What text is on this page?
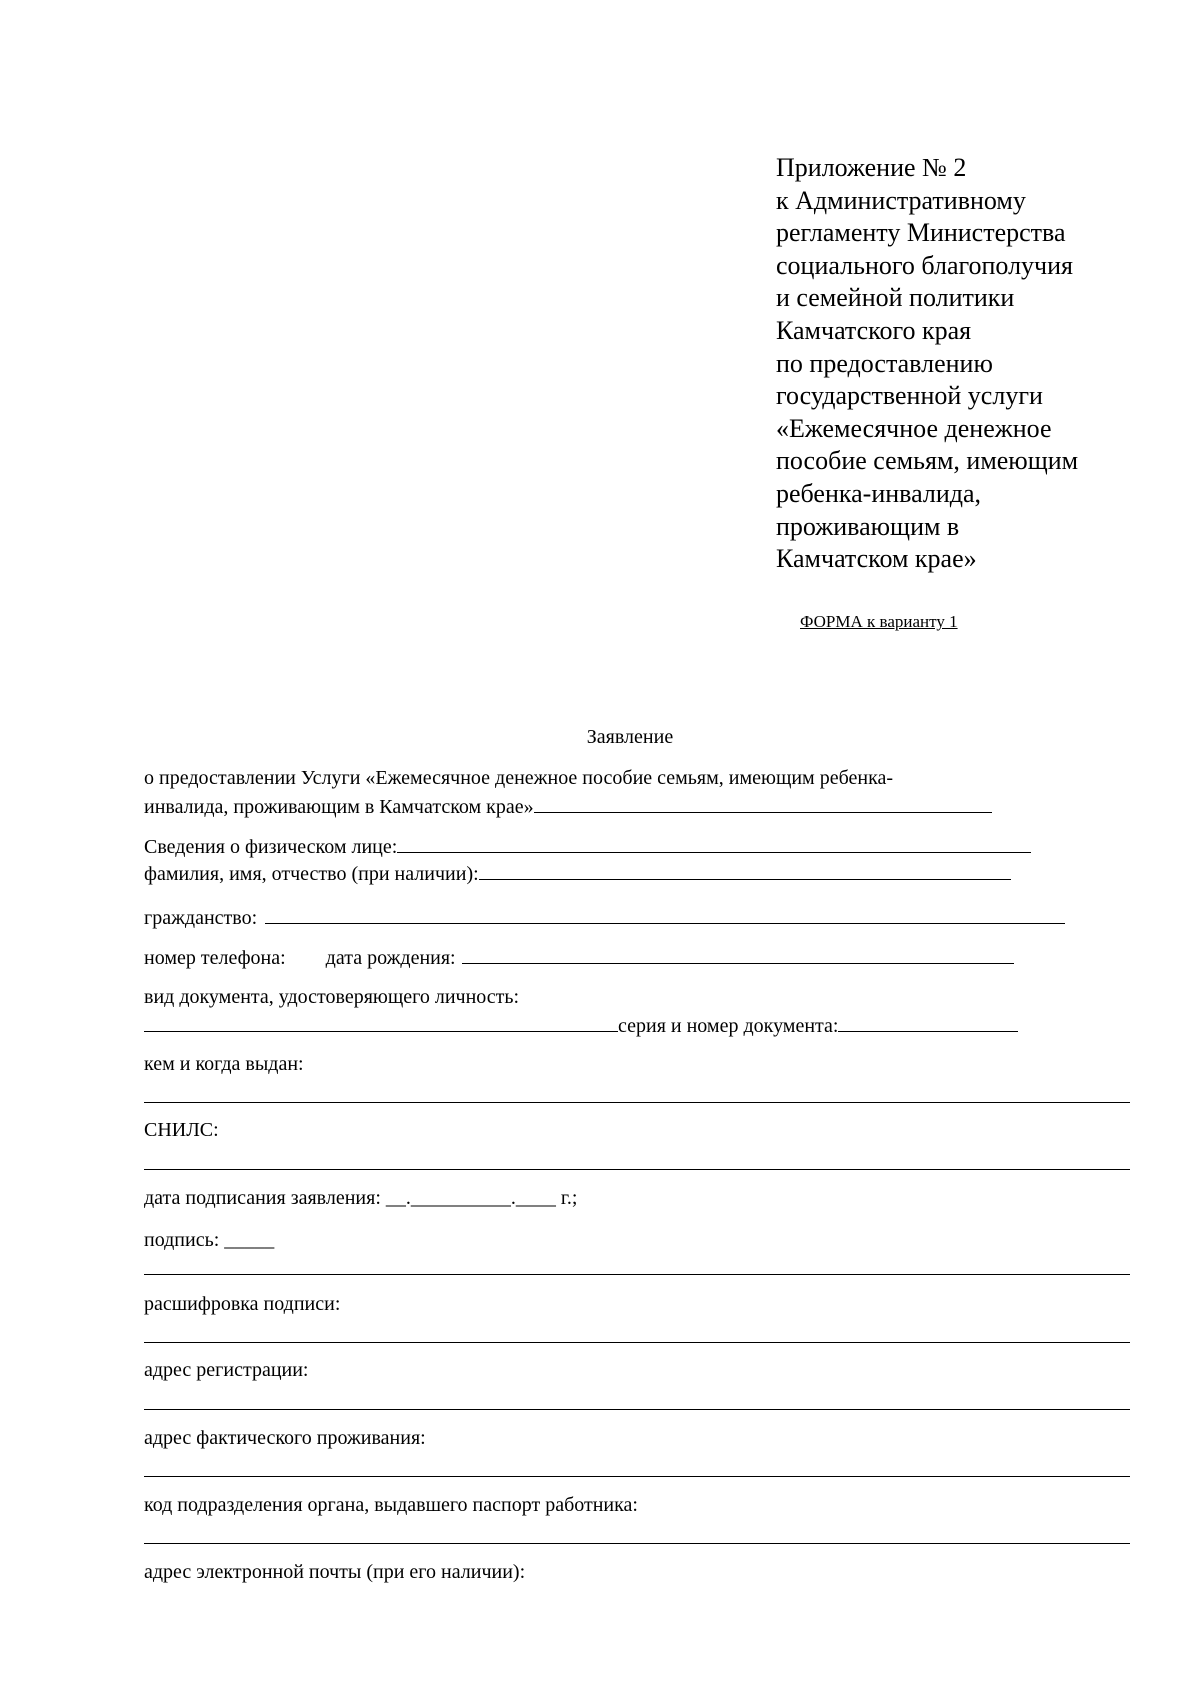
Приложение № 2
к Административному
регламенту Министерства
социального благополучия
и семейной политики
Камчатского края
по предоставлению
государственной услуги
«Ежемесячное денежное
пособие семьям, имеющим
ребенка-инвалида,
проживающим в
Камчатском крае»
ФОРМА к варианту 1
Заявление
о предоставлении Услуги «Ежемесячное денежное пособие семьям, имеющим ребенка-
инвалида, проживающим в Камчатском крае»
Сведения о физическом лице:
фамилия, имя, отчество (при наличии):
гражданство:
номер телефона: дата рождения:
вид документа, удостоверяющего личность:
серия и номер документа:
кем и когда выдан:
СНИЛС:
дата подписания заявления: __.__________.____ г.;
подпись: _____
расшифровка подписи:
адрес регистрации:
адрес фактического проживания:
код подразделения органа, выдавшего паспорт работника:
адрес электронной почты (при его наличии):
